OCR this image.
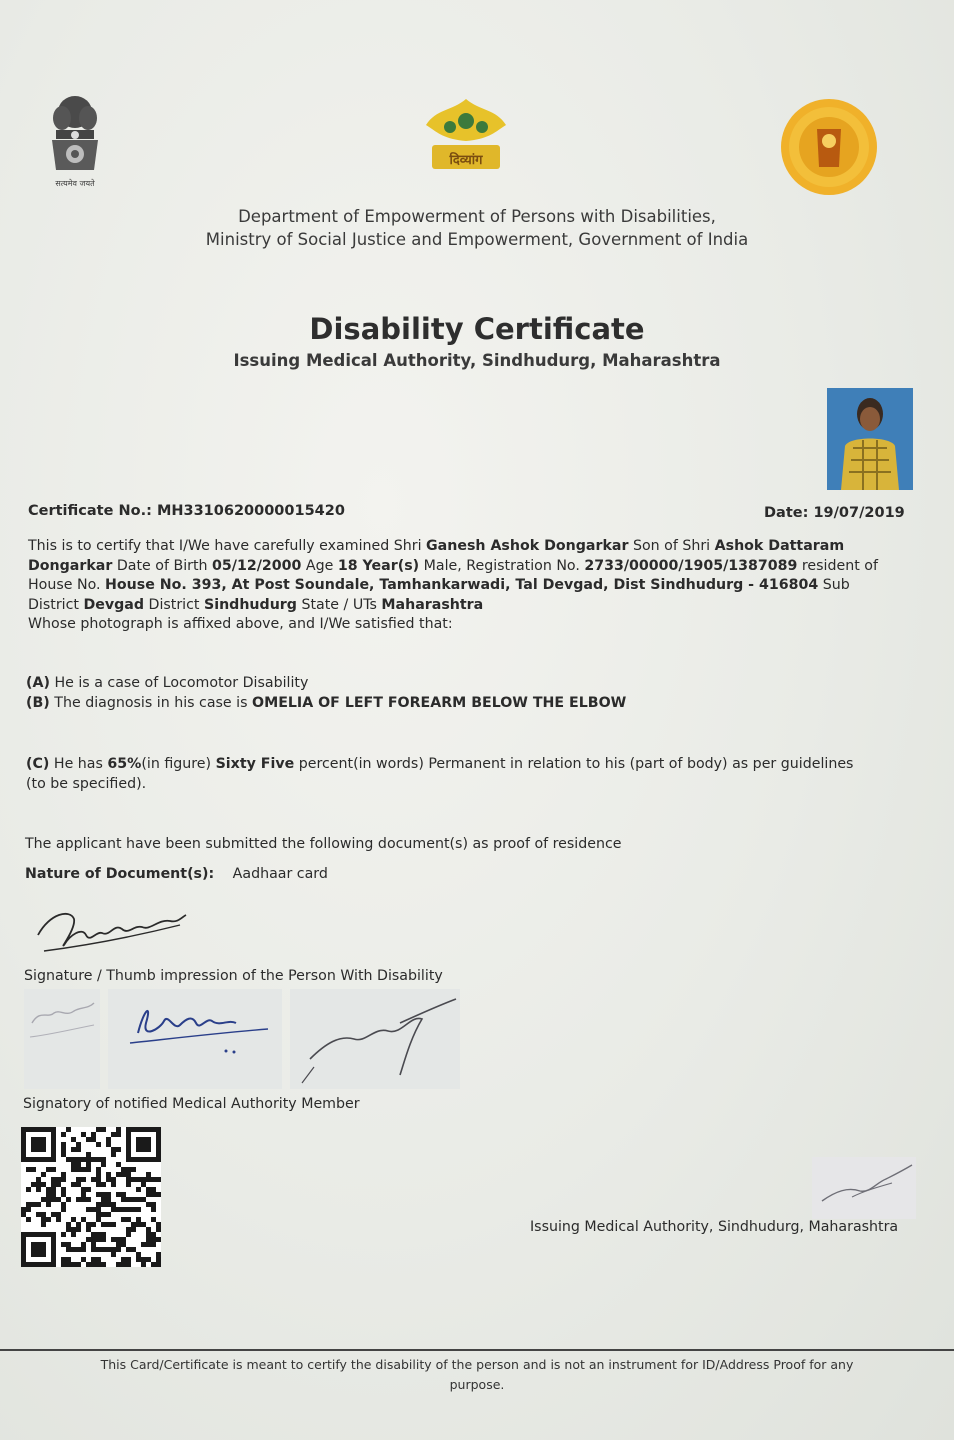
सत्यमेव जयते
दिव्यांग
Department of Empowerment of Persons with Disabilities,
Ministry of Social Justice and Empowerment, Government of India
Disability Certificate
Issuing Medical Authority, Sindhudurg, Maharashtra
Certificate No.: MH3310620000015420	Date: 19/07/2019
This is to certify that I/We have carefully examined Shri Ganesh Ashok Dongarkar Son of Shri Ashok Dattaram
Dongarkar Date of Birth 05/12/2000 Age 18 Year(s) Male, Registration No. 2733/00000/1905/1387089 resident of
House No. House No. 393, At Post Soundale, Tamhankarwadi, Tal Devgad, Dist Sindhudurg - 416804 Sub
District Devgad District Sindhudurg State / UTs Maharashtra
Whose photograph is affixed above, and I/We satisfied that:
(A) He is a case of Locomotor Disability
(B) The diagnosis in his case is OMELIA OF LEFT FOREARM BELOW THE ELBOW
(C) He has 65%(in figure) Sixty Five percent(in words) Permanent in relation to his (part of body) as per guidelines
(to be specified).
The applicant have been submitted the following document(s) as proof of residence
Nature of Document(s): Aadhaar card
Signature / Thumb impression of the Person With Disability
Signatory of notified Medical Authority Member
Issuing Medical Authority, Sindhudurg, Maharashtra
This Card/Certificate is meant to certify the disability of the person and is not an instrument for ID/Address Proof for any
purpose.
